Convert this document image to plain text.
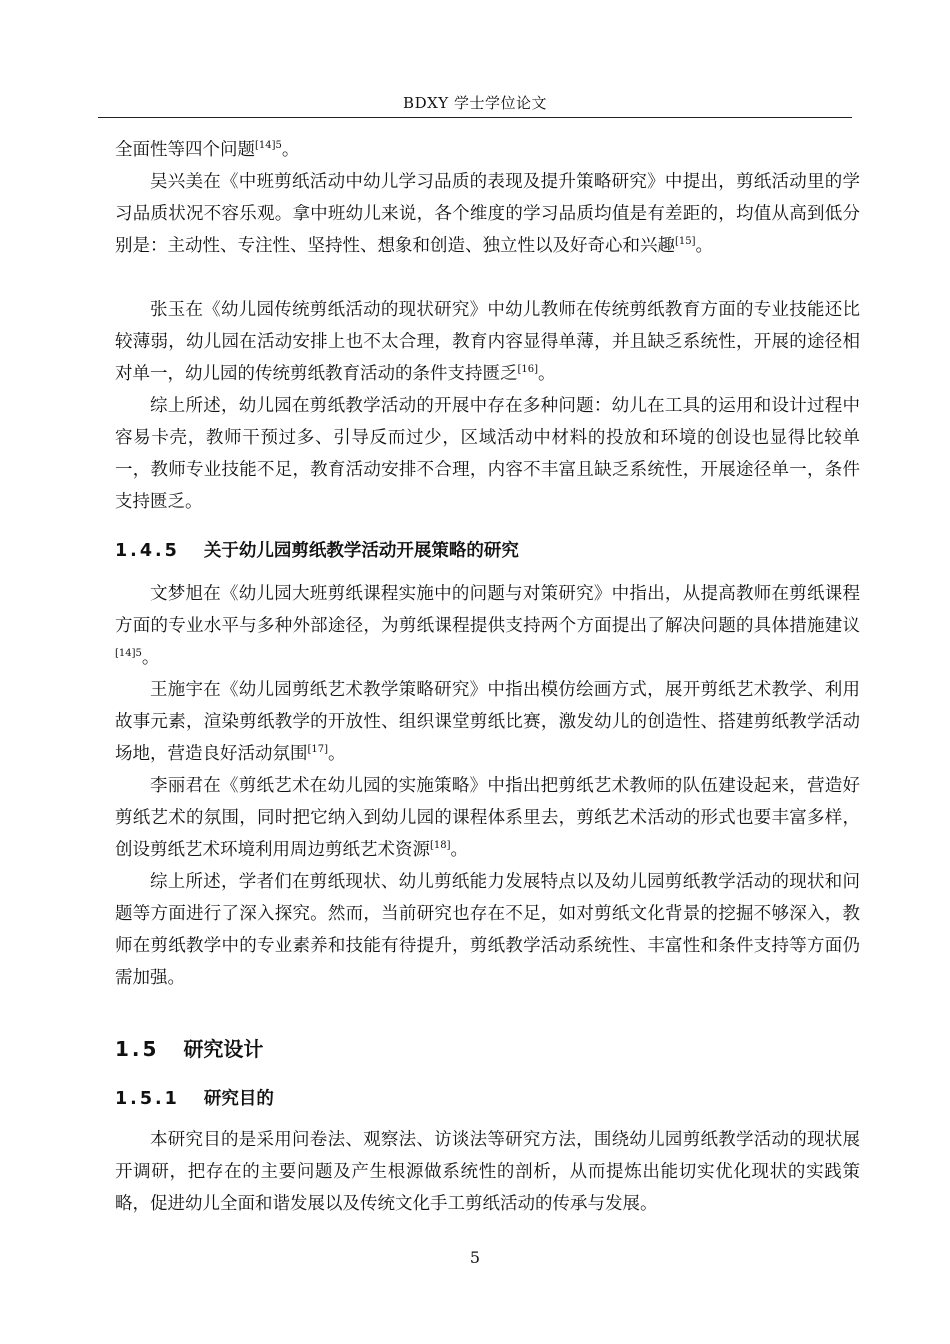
BDXY 学士学位论文

全面性等四个问题$^{[14]5}$。

吴兴美在《中班剪纸活动中幼儿学习品质的表现及提升策略研究》中提出，剪纸活动里的学习品质状况不容乐观。拿中班幼儿来说，各个维度的学习品质均值是有差距的，均值从高到低分别是：主动性、专注性、坚持性、想象和创造、独立性以及好奇心和兴趣[15]。

张玉在《幼儿园传统剪纸活动的现状研究》中幼儿教师在传统剪纸教育方面的专业技能还比较薄弱，幼儿园在活动安排上也不太合理，教育内容显得单薄，并且缺乏系统性，开展的途径相对单一，幼儿园的传统剪纸教育活动的条件支持匮乏[16]。

综上所述，幼儿园在剪纸教学活动的开展中存在多种问题：幼儿在工具的运用和设计过程中容易卡壳，教师干预过多、引导反而过少，区域活动中材料的投放和环境的创设也显得比较单一，教师专业技能不足，教育活动安排不合理，内容不丰富且缺乏系统性，开展途径单一，条件支持匮乏。

1.4.5 关于幼儿园剪纸教学活动开展策略的研究

文梦旭在《幼儿园大班剪纸课程实施中的问题与对策研究》中指出，从提高教师在剪纸课程方面的专业水平与多种外部途径，为剪纸课程提供支持两个方面提出了解决问题的具体措施建议$^{[14]5}$。

王施宇在《幼儿园剪纸艺术教学策略研究》中指出模仿绘画方式，展开剪纸艺术教学、利用故事元素，渲染剪纸教学的开放性、组织课堂剪纸比赛，激发幼儿的创造性、搭建剪纸教学活动场地，营造良好活动氛围[17]。

李丽君在《剪纸艺术在幼儿园的实施策略》中指出把剪纸艺术教师的队伍建设起来，营造好剪纸艺术的氛围，同时把它纳入到幼儿园的课程体系里去，剪纸艺术活动的形式也要丰富多样，创设剪纸艺术环境利用周边剪纸艺术资源[18]。

综上所述，学者们在剪纸现状、幼儿剪纸能力发展特点以及幼儿园剪纸教学活动的现状和问题等方面进行了深入探究。然而，当前研究也存在不足，如对剪纸文化背景的挖掘不够深入，教师在剪纸教学中的专业素养和技能有待提升，剪纸教学活动系统性、丰富性和条件支持等方面仍需加强。

1.5 研究设计
1.5.1 研究目的

本研究目的是采用问卷法、观察法、访谈法等研究方法，围绕幼儿园剪纸教学活动的现状展开调研，把存在的主要问题及产生根源做系统性的剖析，从而提炼出能切实优化现状的实践策略，促进幼儿全面和谐发展以及传统文化手工剪纸活动的传承与发展。

5
